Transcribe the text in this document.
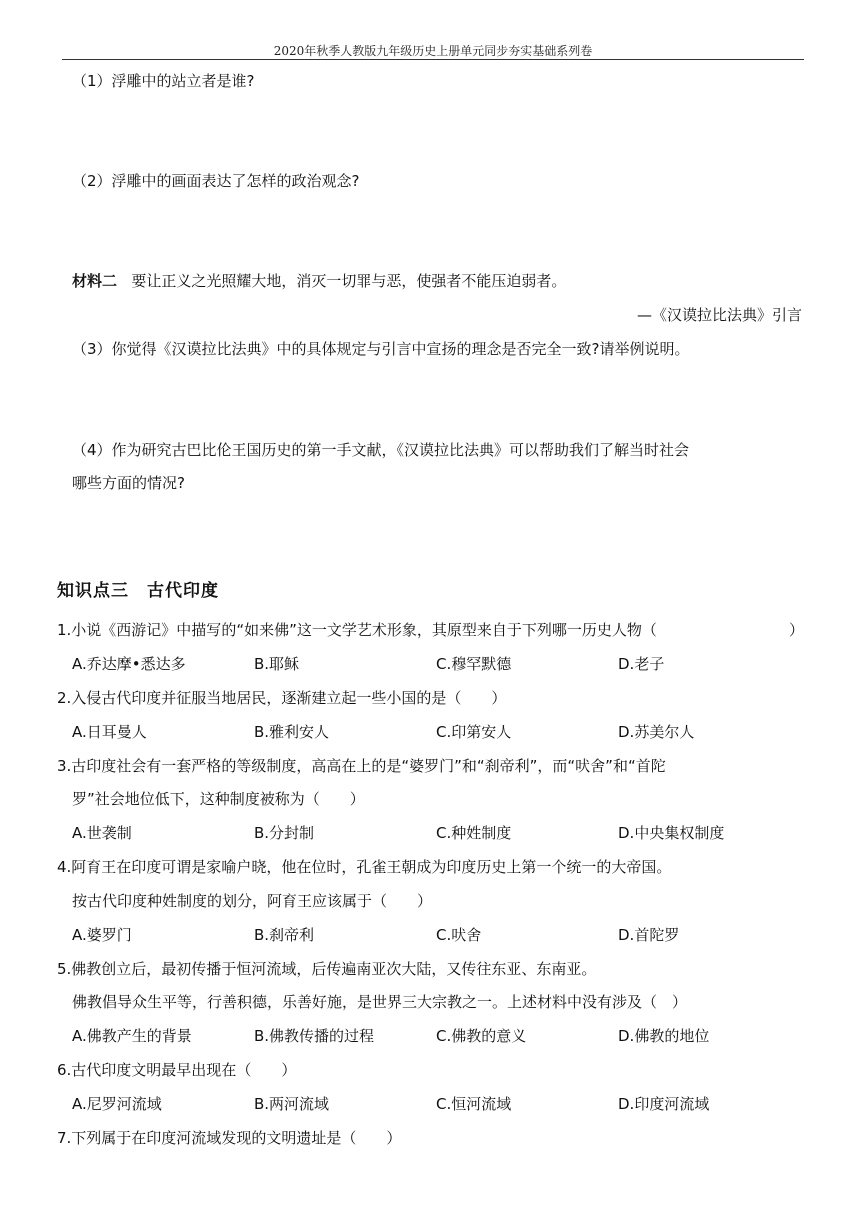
2020年秋季人教版九年级历史上册单元同步夯实基础系列卷
（1）浮雕中的站立者是谁?
（2）浮雕中的画面表达了怎样的政治观念?
材料二 要让正义之光照耀大地，消灭一切罪与恶，使强者不能压迫弱者。
—《汉谟拉比法典》引言
（3）你觉得《汉谟拉比法典》中的具体规定与引言中宣扬的理念是否完全一致?请举例说明。
（4）作为研究古巴比伦王国历史的第一手文献，《汉谟拉比法典》可以帮助我们了解当时社会
哪些方面的情况?
知识点三　古代印度
1.小说《西游记》中描写的“如来佛”这一文学艺术形象，其原型来自于下列哪一历史人物（	）
A.乔达摩•悉达多	B.耶稣	C.穆罕默德	D.老子
2.入侵古代印度并征服当地居民，逐渐建立起一些小国的是（　　）
A.日耳曼人	B.雅利安人	C.印第安人	D.苏美尔人
3.古印度社会有一套严格的等级制度，高高在上的是“婆罗门”和“刹帝利”，而“吠舍”和“首陀
罗”社会地位低下，这种制度被称为（　　）
A.世袭制	B.分封制	C.种姓制度	D.中央集权制度
4.阿育王在印度可谓是家喻户晓，他在位时，孔雀王朝成为印度历史上第一个统一的大帝国。
按古代印度种姓制度的划分，阿育王应该属于（　　）
A.婆罗门	B.刹帝利	C.吠舍	D.首陀罗
5.佛教创立后，最初传播于恒河流域，后传遍南亚次大陆，又传往东亚、东南亚。
佛教倡导众生平等，行善积德，乐善好施，是世界三大宗教之一。上述材料中没有涉及（　）
A.佛教产生的背景	B.佛教传播的过程	C.佛教的意义	D.佛教的地位
6.古代印度文明最早出现在（　　）
A.尼罗河流域	B.两河流域	C.恒河流域	D.印度河流域
7.下列属于在印度河流域发现的文明遗址是（　　）
